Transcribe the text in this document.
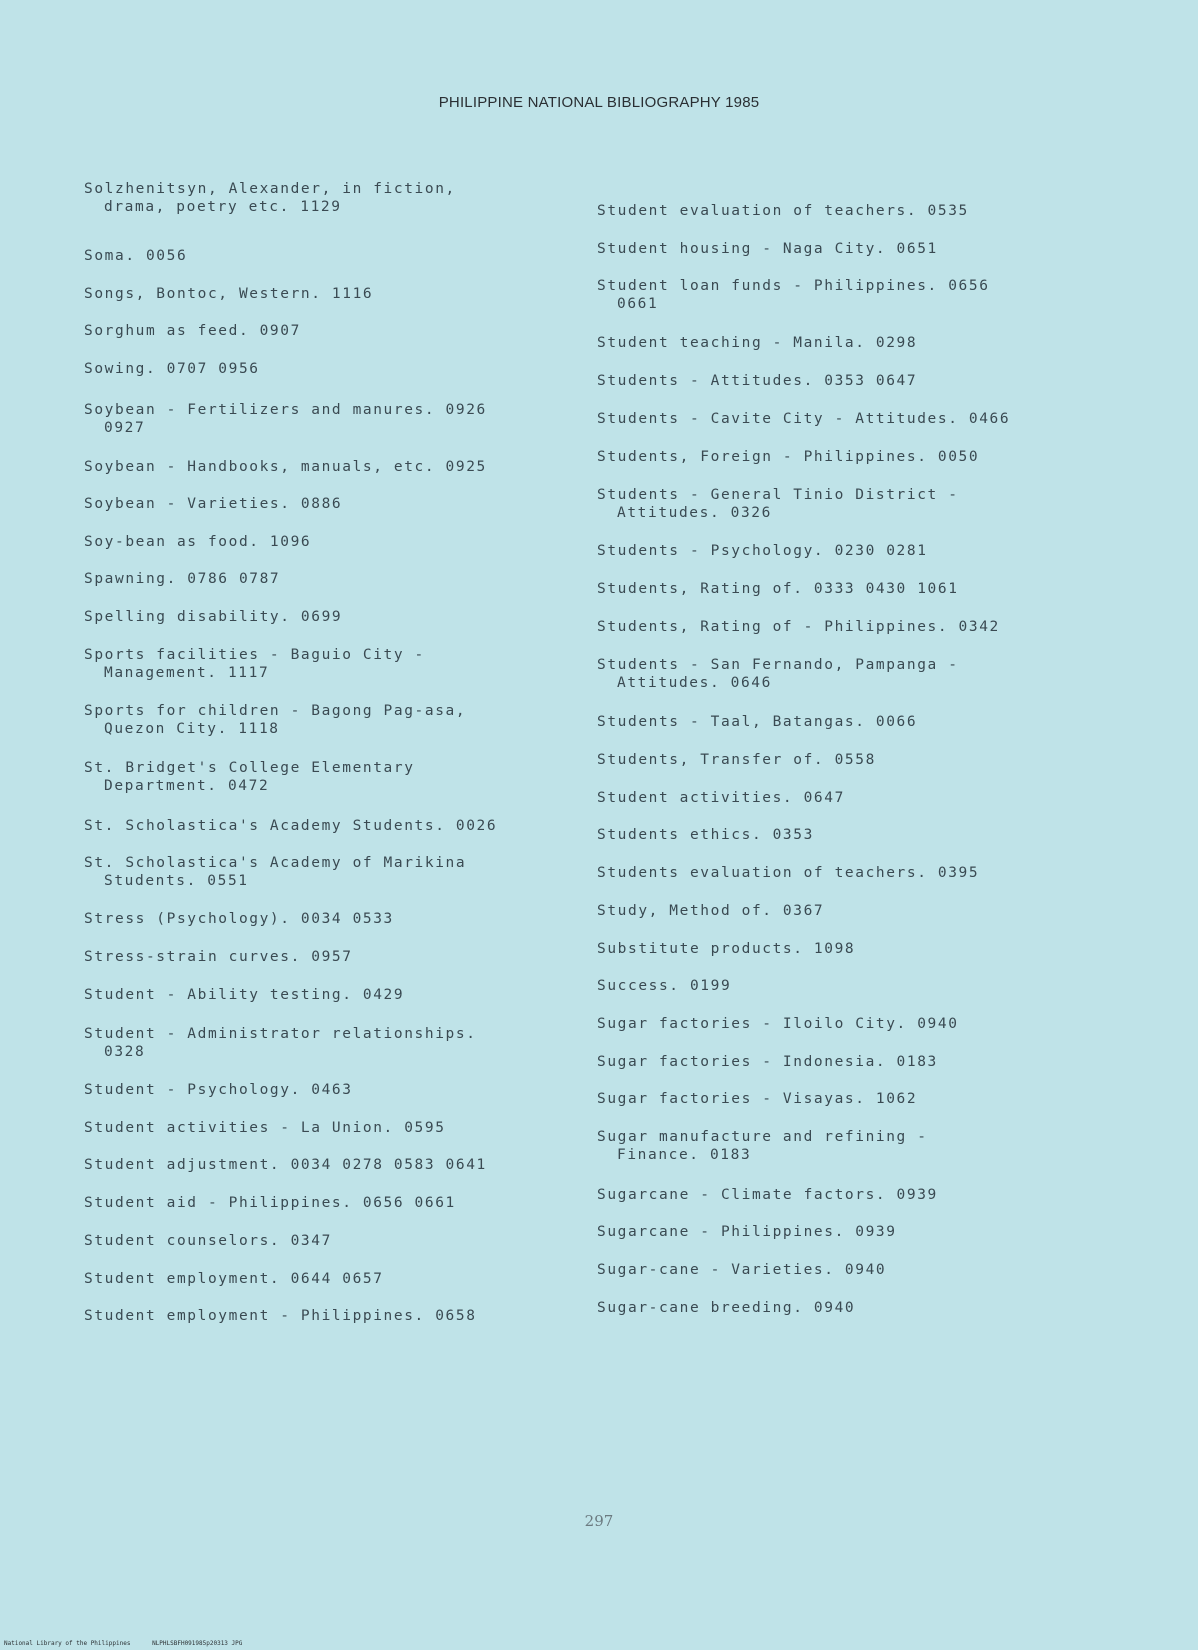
PHILIPPINE NATIONAL BIBLIOGRAPHY 1985
Solzhenitsyn, Alexander, in fiction,
drama, poetry etc. 1129
Soma. 0056
Songs, Bontoc, Western. 1116
Sorghum as feed. 0907
Sowing. 0707 0956
Soybean - Fertilizers and manures. 0926
0927
Soybean - Handbooks, manuals, etc. 0925
Soybean - Varieties. 0886
Soy-bean as food. 1096
Spawning. 0786 0787
Spelling disability. 0699
Sports facilities - Baguio City -
Management. 1117
Sports for children - Bagong Pag-asa,
Quezon City. 1118
St. Bridget's College Elementary
Department. 0472
St. Scholastica's Academy Students. 0026
St. Scholastica's Academy of Marikina
Students. 0551
Stress (Psychology). 0034 0533
Stress-strain curves. 0957
Student - Ability testing. 0429
Student - Administrator relationships.
0328
Student - Psychology. 0463
Student activities - La Union. 0595
Student adjustment. 0034 0278 0583 0641
Student aid - Philippines. 0656 0661
Student counselors. 0347
Student employment. 0644 0657
Student employment - Philippines. 0658
Student evaluation of teachers. 0535
Student housing - Naga City. 0651
Student loan funds - Philippines. 0656
0661
Student teaching - Manila. 0298
Students - Attitudes. 0353 0647
Students - Cavite City - Attitudes. 0466
Students, Foreign - Philippines. 0050
Students - General Tinio District -
Attitudes. 0326
Students - Psychology. 0230 0281
Students, Rating of. 0333 0430 1061
Students, Rating of - Philippines. 0342
Students - San Fernando, Pampanga -
Attitudes. 0646
Students - Taal, Batangas. 0066
Students, Transfer of. 0558
Student activities. 0647
Students ethics. 0353
Students evaluation of teachers. 0395
Study, Method of. 0367
Substitute products. 1098
Success. 0199
Sugar factories - Iloilo City. 0940
Sugar factories - Indonesia. 0183
Sugar factories - Visayas. 1062
Sugar manufacture and refining -
Finance. 0183
Sugarcane - Climate factors. 0939
Sugarcane - Philippines. 0939
Sugar-cane - Varieties. 0940
Sugar-cane breeding. 0940
297
National Library of the Philippines	NLPHLSBFH091985p20313 JPG
